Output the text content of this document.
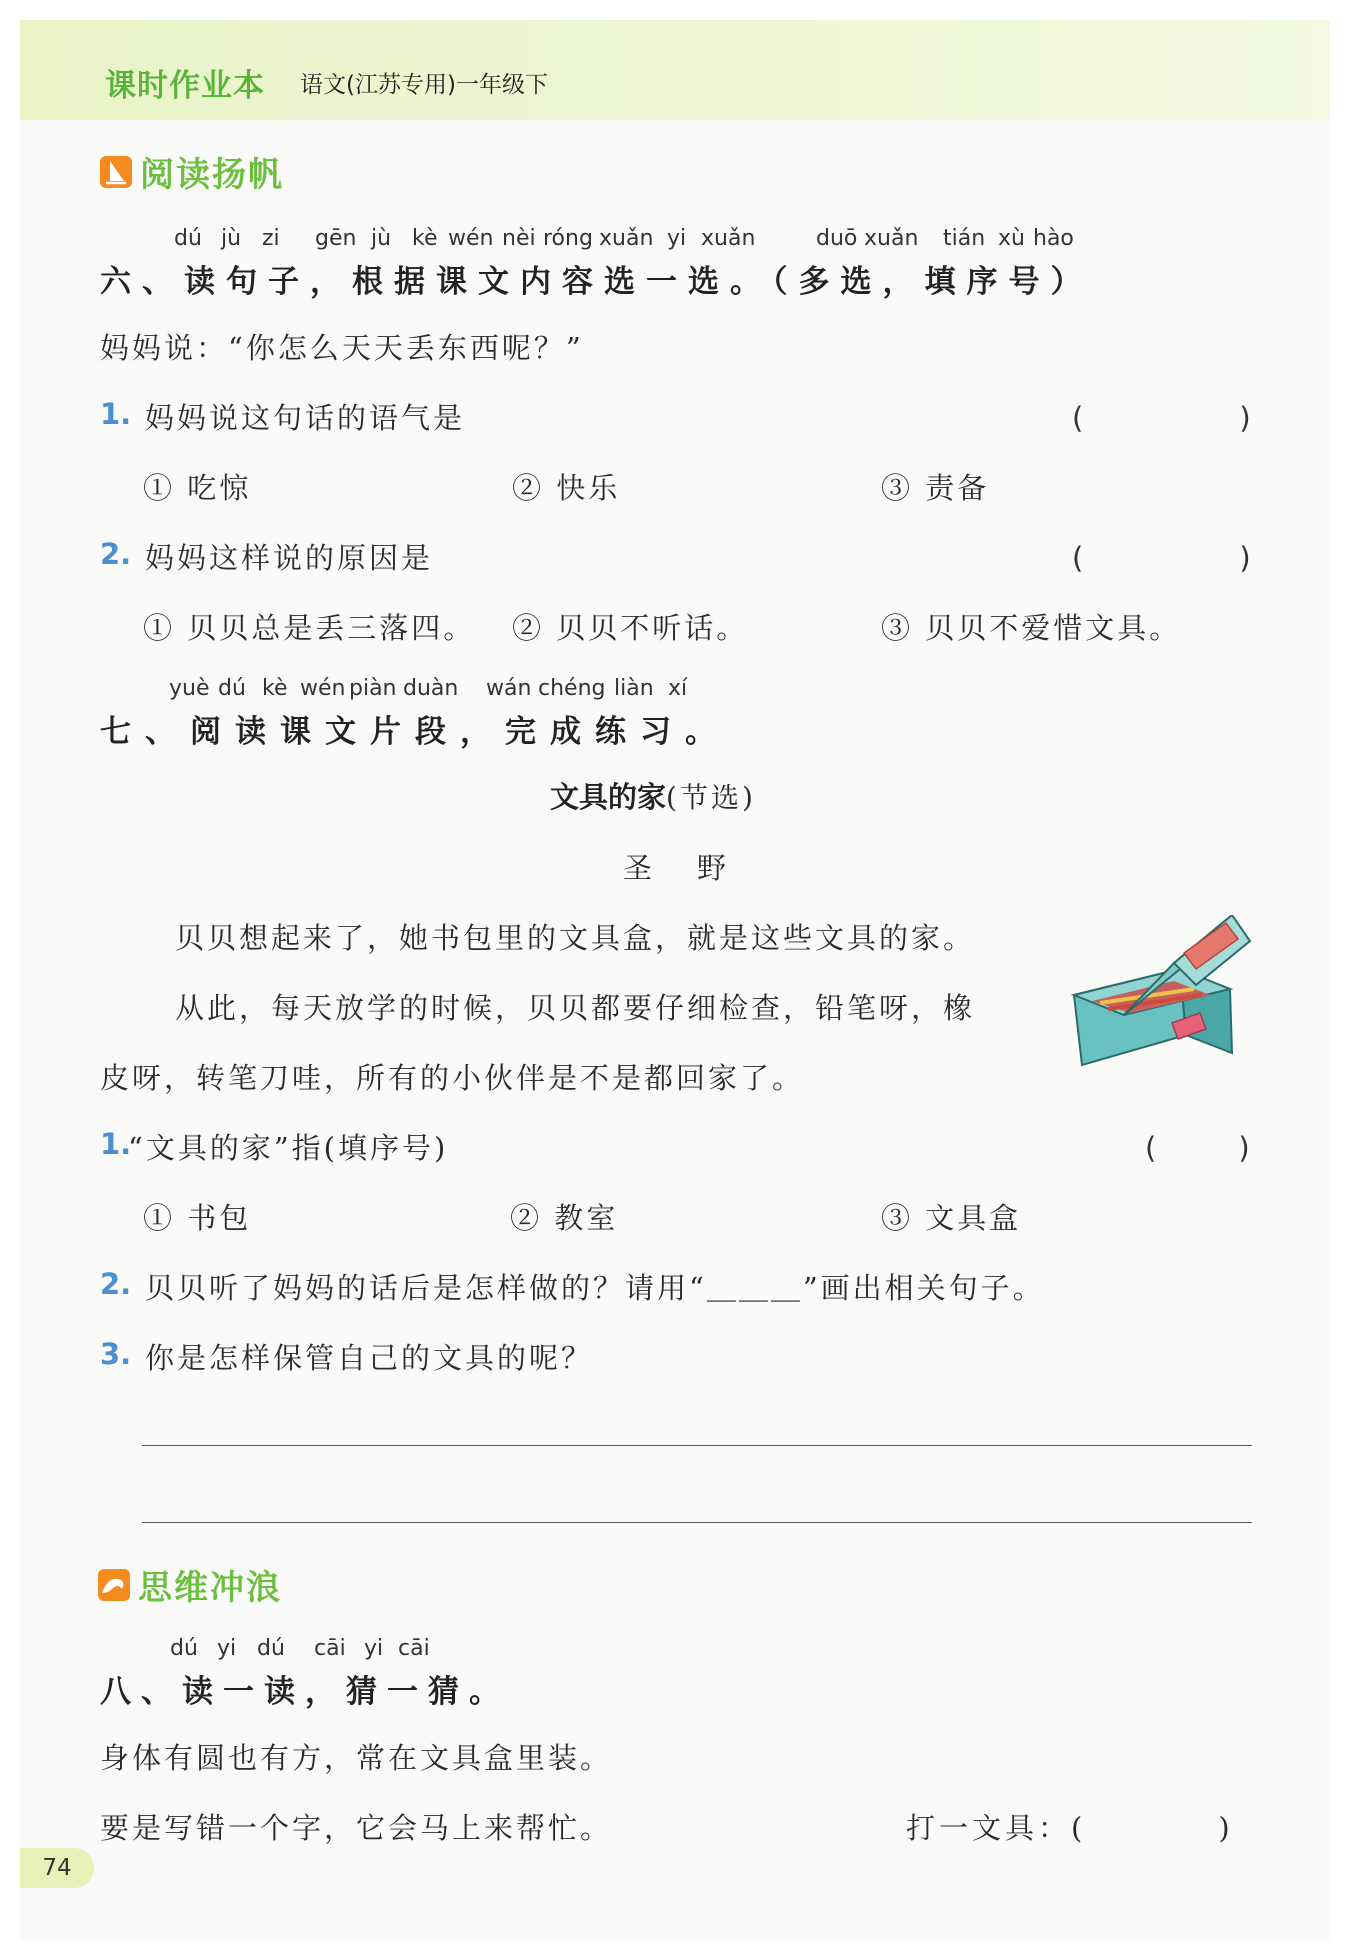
课时作业本 语文(江苏专用)一年级下
阅读扬帆
dú jù zi gēn jù kè wén nèi róng xuǎn yi xuǎn	duō xuǎn tián xù hào
六、读句子，根据课文内容选一选。（多选，填序号）
妈妈说：“你怎么天天丢东西呢？”
1. 妈妈说这句话的语气是	(　　　　)
① 吃惊	② 快乐	③ 责备
2. 妈妈这样说的原因是	(　　　　)
① 贝贝总是丢三落四。 ② 贝贝不听话。	③ 贝贝不爱惜文具。
yuè dú kè wén piàn duàn wán chéng liàn xí
七、阅读课文片段，完成练习。
文具的家(节选)
圣　野
贝贝想起来了，她书包里的文具盒，就是这些文具的家。
从此，每天放学的时候，贝贝都要仔细检查，铅笔呀，橡
皮呀，转笔刀哇，所有的小伙伴是不是都回家了。
1.
“文具的家”指(填序号)	(　　)
① 书包	② 教室	③ 文具盒
2. 贝贝听了妈妈的话后是怎样做的？请用“＿＿＿”画出相关句子。
3. 你是怎样保管自己的文具的呢？
思维冲浪
dú yi dú cāi yi cāi
八、读一读，猜一猜。
身体有圆也有方，常在文具盒里装。
要是写错一个字，它会马上来帮忙。	打一文具：(　　　　)
74
